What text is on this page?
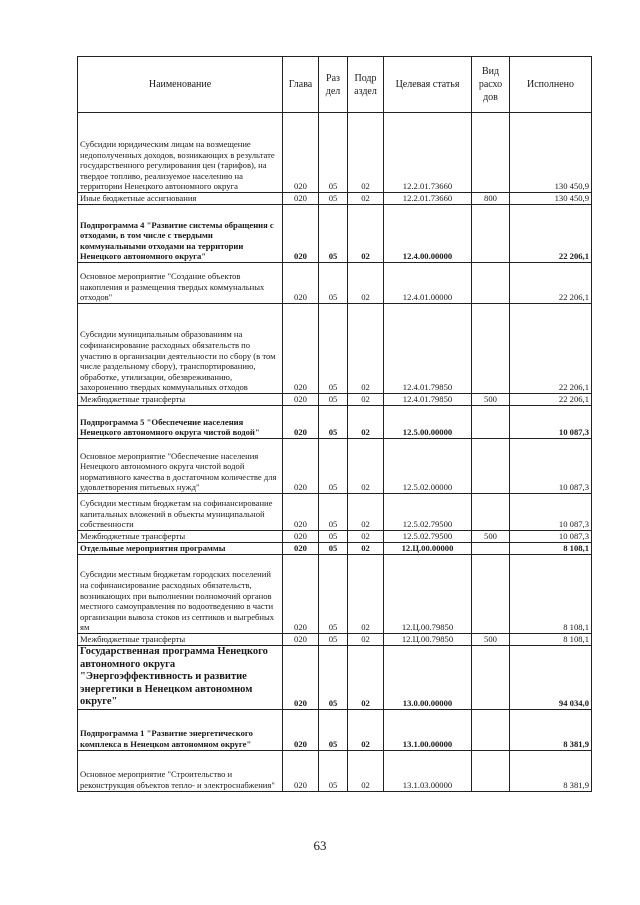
Наименование	Глава	Раз дел	Подр аздел	Целевая статья	Вид расхо дов	Исполнено
Субсидии юридическим лицам на возмещение недополученных доходов, возникающих в результате государственного регулирования цен (тарифов), на твердое топливо, реализуемое населению на территории Ненецкого автономного округа	020	05	02	12.2.01.73660		130 450,9
Иные бюджетные ассигнования	020	05	02	12.2.01.73660	800	130 450,9
Подпрограмма 4 "Развитие системы обращения с отходами, в том числе с твердыми коммунальными отходами на территории Ненецкого автономного округа"	020	05	02	12.4.00.00000		22 206,1
Основное мероприятие "Создание объектов накопления и размещения твердых коммунальных отходов"	020	05	02	12.4.01.00000		22 206,1
Субсидии муниципальным образованиям на софинансирование расходных обязательств по участию в организации деятельности по сбору (в том числе раздельному сбору), транспортированию, обработке, утилизации, обезвреживанию, захоронению твердых коммунальных отходов	020	05	02	12.4.01.79850		22 206,1
Межбюджетные трансферты	020	05	02	12.4.01.79850	500	22 206,1
Подпрограмма 5 "Обеспечение населения Ненецкого автономного округа чистой водой"	020	05	02	12.5.00.00000		10 087,3
Основное мероприятие "Обеспечение населения Ненецкого автономного округа чистой водой нормативного качества в достаточном количестве для удовлетворения питьевых нужд"	020	05	02	12.5.02.00000		10 087,3
Субсидии местным бюджетам на софинансирование капитальных вложений в объекты муниципальной собственности	020	05	02	12.5.02.79500		10 087,3
Межбюджетные трансферты	020	05	02	12.5.02.79500	500	10 087,3
Отдельные мероприятия программы	020	05	02	12.Ц.00.00000		8 108,1
Субсидии местным бюджетам городских поселений на софинансирование расходных обязательств, возникающих при выполнении полномочий органов местного самоуправления по водоотведению в части организации вывоза стоков из септиков и выгребных ям	020	05	02	12.Ц.00.79850		8 108,1
Межбюджетные трансферты	020	05	02	12.Ц.00.79850	500	8 108,1
Государственная программа Ненецкого автономного округа "Энергоэффективность и развитие энергетики в Ненецком автономном округе"	020	05	02	13.0.00.00000		94 034,0
Подпрограмма 1 "Развитие энергетического комплекса в Ненецком автономном округе"	020	05	02	13.1.00.00000		8 381,9
Основное мероприятие "Строительство и реконструкция объектов тепло- и электроснабжения"	020	05	02	13.1.03.00000		8 381,9
63
